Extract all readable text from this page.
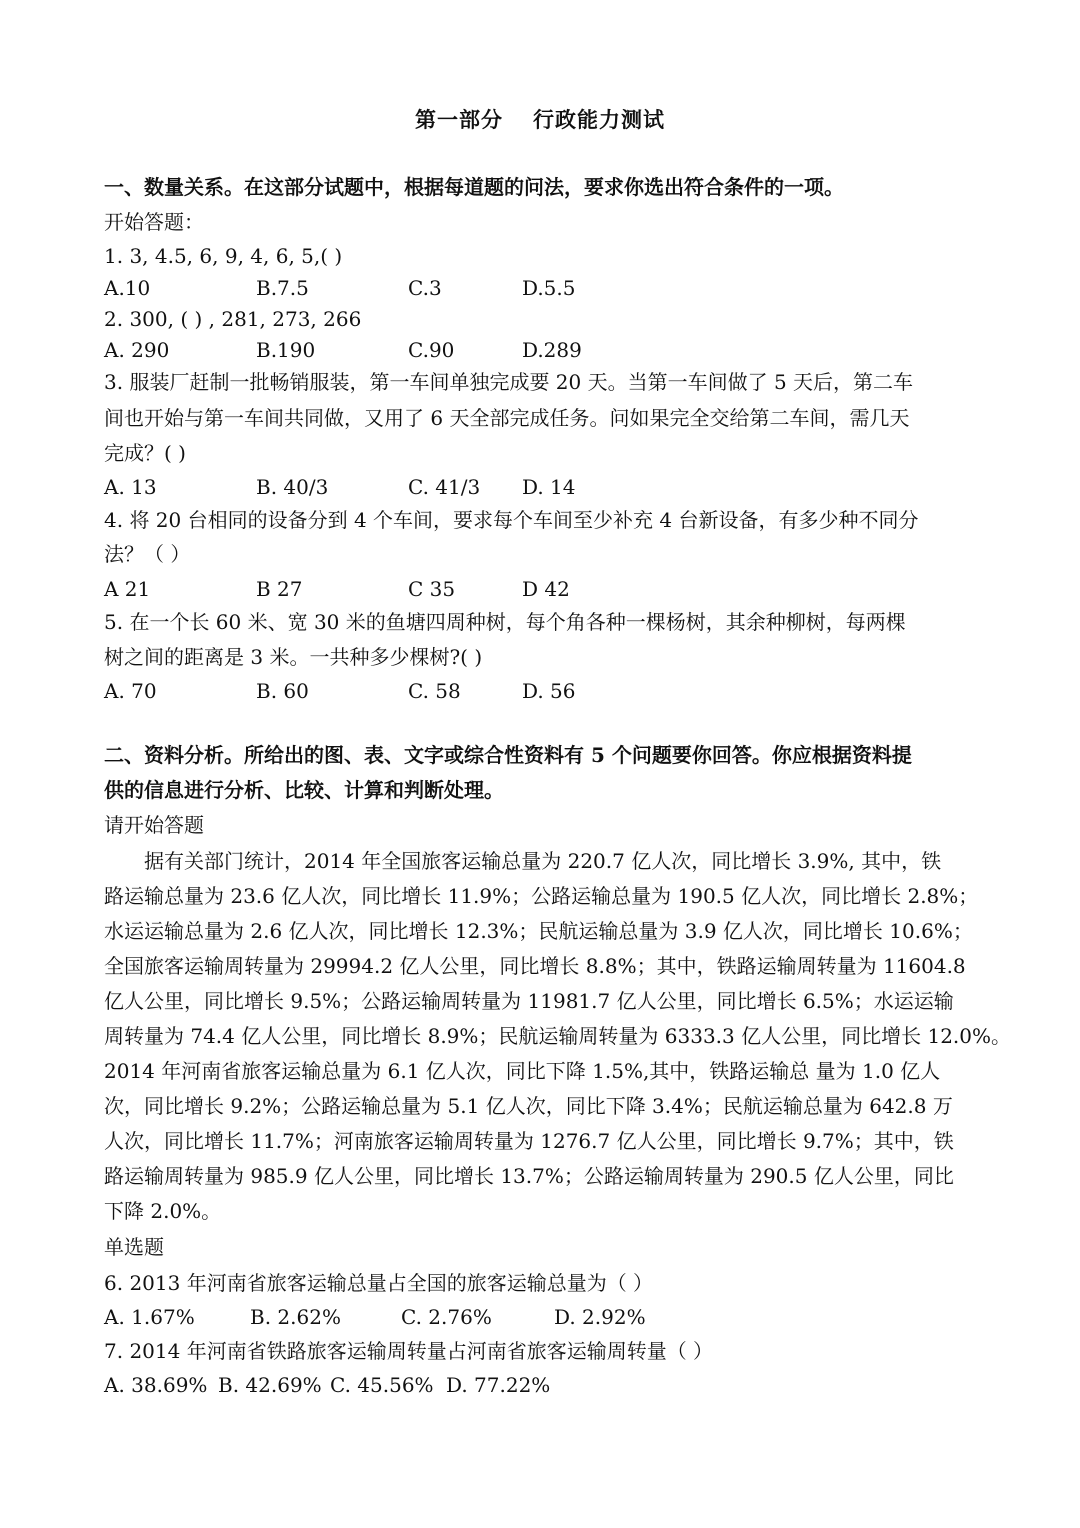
第一部分 行政能力测试
一、数量关系。在这部分试题中，根据每道题的问法，要求你选出符合条件的一项。
开始答题：
1. 3, 4.5, 6, 9, 4, 6, 5,( )
A.10	B.7.5	C.3	D.5.5
2. 300, ( ) , 281, 273, 266
A. 290	B.190	C.90	D.289
3. 服装厂赶制一批畅销服装，第一车间单独完成要 20 天。当第一车间做了 5 天后，第二车
间也开始与第一车间共同做，又用了 6 天全部完成任务。问如果完全交给第二车间，需几天
完成？( )
A. 13	B. 40/3	C. 41/3 D. 14
4. 将 20 台相同的设备分到 4 个车间，要求每个车间至少补充 4 台新设备，有多少种不同分
法？（ ）
A 21	B 27	C 35	D 42
5. 在一个长 60 米、宽 30 米的鱼塘四周种树，每个角各种一棵杨树，其余种柳树，每两棵
树之间的距离是 3 米。一共种多少棵树?( )
A. 70	B. 60	C. 58	D. 56
二、资料分析。所给出的图、表、文字或综合性资料有 5 个问题要你回答。你应根据资料提
供的信息进行分析、比较、计算和判断处理。
请开始答题
据有关部门统计，2014 年全国旅客运输总量为 220.7 亿人次，同比增长 3.9%, 其中，铁
路运输总量为 23.6 亿人次，同比增长 11.9%；公路运输总量为 190.5 亿人次，同比增长 2.8%；
水运运输总量为 2.6 亿人次，同比增长 12.3%；民航运输总量为 3.9 亿人次，同比增长 10.6%；
全国旅客运输周转量为 29994.2 亿人公里，同比增长 8.8%；其中，铁路运输周转量为 11604.8
亿人公里，同比增长 9.5%；公路运输周转量为 11981.7 亿人公里，同比增长 6.5%；水运运输
周转量为 74.4 亿人公里，同比增长 8.9%；民航运输周转量为 6333.3 亿人公里，同比增长 12.0%。
2014 年河南省旅客运输总量为 6.1 亿人次，同比下降 1.5%,其中，铁路运输总 量为 1.0 亿人
次，同比增长 9.2%；公路运输总量为 5.1 亿人次，同比下降 3.4%；民航运输总量为 642.8 万
人次，同比增长 11.7%；河南旅客运输周转量为 1276.7 亿人公里，同比增长 9.7%；其中，铁
路运输周转量为 985.9 亿人公里，同比增长 13.7%；公路运输周转量为 290.5 亿人公里，同比
下降 2.0%。
单选题
6. 2013 年河南省旅客运输总量占全国的旅客运输总量为（ ）
A. 1.67%	B. 2.62%	C. 2.76%	D. 2.92%
7. 2014 年河南省铁路旅客运输周转量占河南省旅客运输周转量（ ）
A. 38.69% B. 42.69% C. 45.56% D. 77.22%
